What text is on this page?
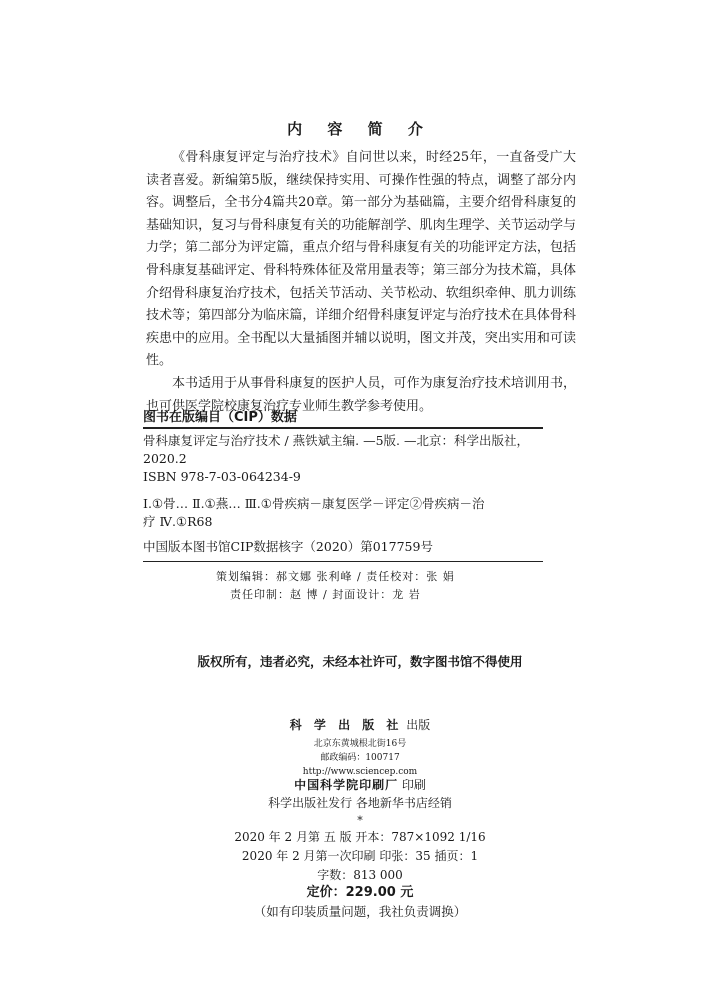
内 容 简 介

《骨科康复评定与治疗技术》自问世以来，时经25年，一直备受广大读者喜爱。新编第5版，继续保持实用、可操作性强的特点，调整了部分内容。调整后，全书分4篇共20章。第一部分为基础篇，主要介绍骨科康复的基础知识，复习与骨科康复有关的功能解剖学、肌肉生理学、关节运动学与力学；第二部分为评定篇，重点介绍与骨科康复有关的功能评定方法，包括骨科康复基础评定、骨科特殊体征及常用量表等；第三部分为技术篇，具体介绍骨科康复治疗技术，包括关节活动、关节松动、软组织牵伸、肌力训练技术等；第四部分为临床篇，详细介绍骨科康复评定与治疗技术在具体骨科疾患中的应用。全书配以大量插图并辅以说明，图文并茂，突出实用和可读性。

本书适用于从事骨科康复的医护人员，可作为康复治疗技术培训用书，也可供医学院校康复治疗专业师生教学参考使用。

图书在版编目（CIP）数据
骨科康复评定与治疗技术 / 燕铁斌主编. —5版. —北京：科学出版社，
2020.2
ISBN 978-7-03-064234-9
Ⅰ.①骨… Ⅱ.①燕… Ⅲ.①骨疾病－康复医学－评定②骨疾病－治
疗 Ⅳ.①R68
中国版本图书馆CIP数据核字（2020）第017759号
策划编辑：郝文娜 张利峰 / 责任校对：张 娟
责任印制：赵 博 / 封面设计：龙 岩
版权所有，违者必究，未经本社许可，数字图书馆不得使用
科 学 出 版 社 出版
北京东黄城根北街16号
邮政编码：100717
http://www.sciencep.com
中国科学院印刷厂 印刷
科学出版社发行 各地新华书店经销
*
2020 年 2 月第 五 版 开本：787×1092 1/16
2020 年 2 月第一次印刷 印张：35 插页：1
字数：813 000
定价：229.00 元
（如有印装质量问题，我社负责调换）
